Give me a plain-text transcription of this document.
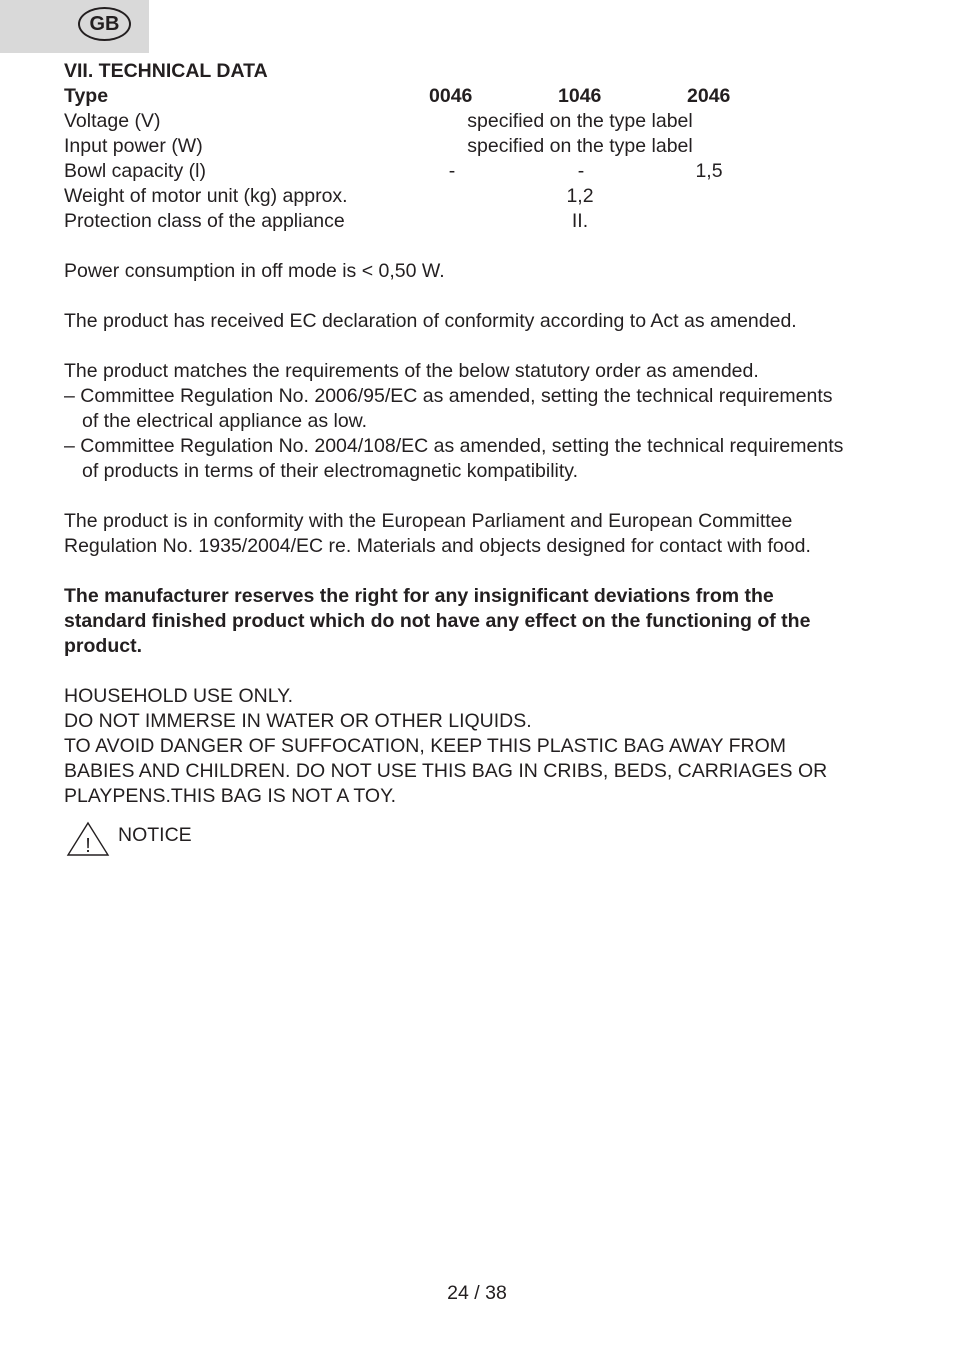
GB
VII. TECHNICAL DATA
Type	0046	1046	2046
Voltage (V)	specified on the type label
Input power (W)	specified on the type label
Bowl capacity (l)	-	-	1,5
Weight of motor unit (kg) approx.	1,2
Protection class of the appliance	II.
Power consumption in off mode is < 0,50 W.
The product has received EC declaration of conformity according to Act as amended.
The product matches the requirements of the below statutory order as amended.
– Committee Regulation No. 2006/95/EC as amended, setting the technical requirements
of the electrical appliance as low.
– Committee Regulation No. 2004/108/EC as amended, setting the technical requirements
of products in terms of their electromagnetic kompatibility.
The product is in conformity with the European Parliament and European Committee
Regulation No. 1935/2004/EC re. Materials and objects designed for contact with food.
The manufacturer reserves the right for any insignificant deviations from the
standard finished product which do not have any effect on the functioning of the
product.
HOUSEHOLD USE ONLY.
DO NOT IMMERSE IN WATER OR OTHER LIQUIDS.
TO AVOID DANGER OF SUFFOCATION, KEEP THIS PLASTIC BAG AWAY FROM
BABIES AND CHILDREN. DO NOT USE THIS BAG IN CRIBS, BEDS, CARRIAGES OR
PLAYPENS.THIS BAG IS NOT A TOY.
! NOTICE
24 / 38
